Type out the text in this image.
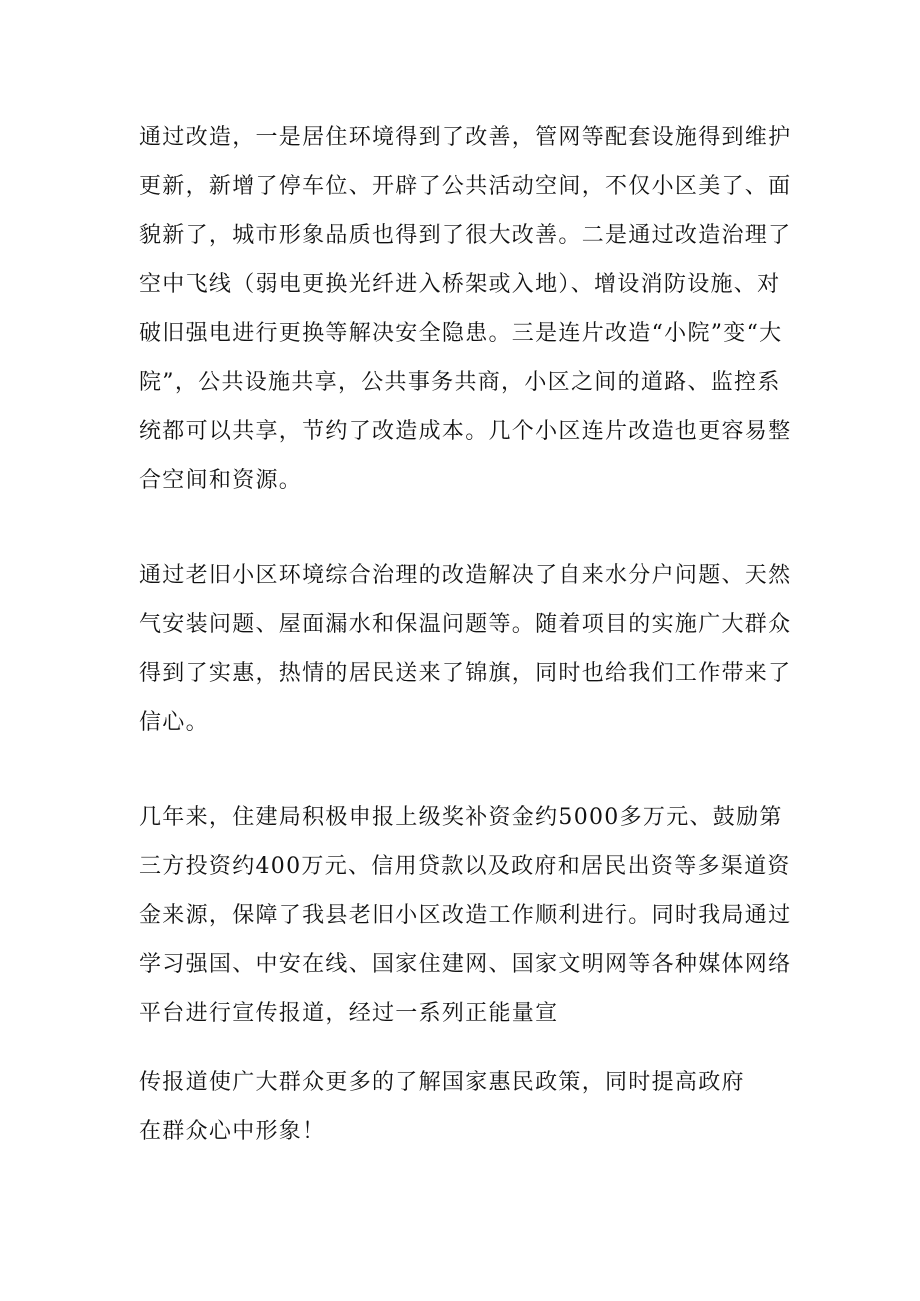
通过改造，一是居住环境得到了改善，管网等配套设施得到维护
更新，新增了停车位、开辟了公共活动空间，不仅小区美了、面
貌新了，城市形象品质也得到了很大改善。二是通过改造治理了
空中飞线（弱电更换光纤进入桥架或入地）、增设消防设施、对
破旧强电进行更换等解决安全隐患。三是连片改造“小院”变“大
院”，公共设施共享，公共事务共商，小区之间的道路、监控系
统都可以共享，节约了改造成本。几个小区连片改造也更容易整
合空间和资源。
通过老旧小区环境综合治理的改造解决了自来水分户问题、天然
气安装问题、屋面漏水和保温问题等。随着项目的实施广大群众
得到了实惠，热情的居民送来了锦旗，同时也给我们工作带来了
信心。
几年来，住建局积极申报上级奖补资金约5000多万元、鼓励第
三方投资约400万元、信用贷款以及政府和居民出资等多渠道资
金来源，保障了我县老旧小区改造工作顺利进行。同时我局通过
学习强国、中安在线、国家住建网、国家文明网等各种媒体网络
平台进行宣传报道，经过一系列正能量宣
传报道使广大群众更多的了解国家惠民政策，同时提高政府
在群众心中形象！
